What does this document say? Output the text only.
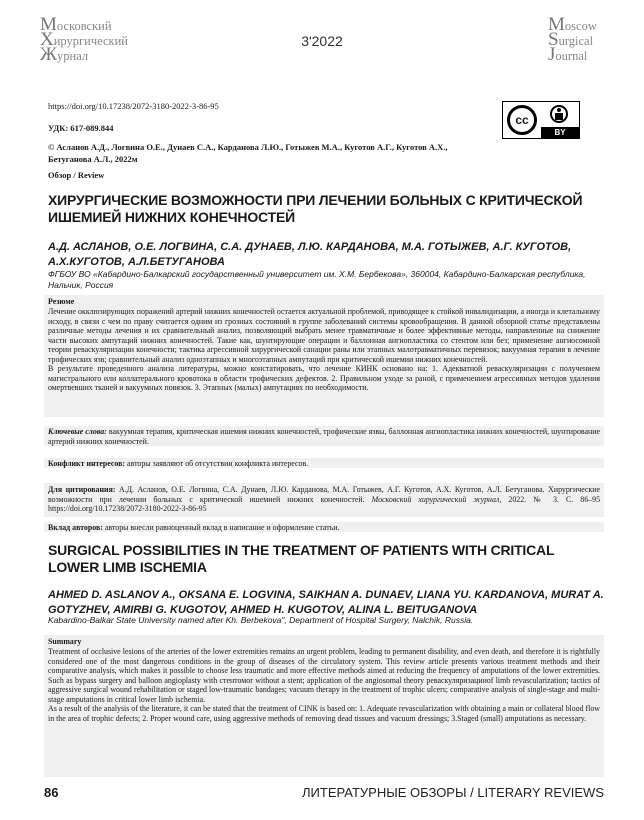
Московский
Хирургический
Журнал
3'2022
Moscow
Surgical
Journal
https://doi.org/10.17238/2072-3180-2022-3-86-95
cc
BY
УДК: 617-089.844
© Асланов А.Д., Логвина О.Е., Дунаев С.А., Карданова Л.Ю., Готыжев М.А., Куготов А.Г., Куготов А.Х., Бетуганова А.Л., 2022м
Обзор / Review
ХИРУРГИЧЕСКИЕ ВОЗМОЖНОСТИ ПРИ ЛЕЧЕНИИ БОЛЬНЫХ С КРИТИЧЕСКОЙ ИШЕМИЕЙ НИЖНИХ КОНЕЧНОСТЕЙ
А.Д. АСЛАНОВ, О.Е. ЛОГВИНА, С.А. ДУНАЕВ, Л.Ю. КАРДАНОВА, М.А. ГОТЫЖЕВ, А.Г. КУГОТОВ, А.Х.КУГОТОВ, А.Л.БЕТУГАНОВА
ФГБОУ ВО «Кабардино-Балкарский государственный университет им. Х.М. Бербекова», 360004, Кабардино-Балкарская республика, Нальчик, Россия
Резюме
Лечение окклюзирующих поражений артерий нижних конечностей остается актуальной проблемой, приводящее к стойкой инвалидизации, а иногда и клетальному исходу, в связи с чем по праву считается одним из грозных состояний в группе заболеваний системы кровообращения. В данной обзорной статье представлены различные методы лечения и их сравнительный анализ, позволяющий выбрать менее травматичные и более эффективные методы, направленные на снижение части высоких ампутаций нижних конечностей. Такие как, шунтирующие операции и баллонная ангиопластика со стентом или без; применение ангиосомной теории реваскуляризации конечности; тактика агрессивной хирургической санации раны или этапных малотравматичных перевязок; вакуумная терапия в лечение трофических язв; сравнительный анализ одноэтапных и многоэтапных ампутаций при критической ишемии нижних конечностей.
В результате проведенного анализа литературы, можно констатировать, что лечение КИНК основано на: 1. Адекватной реваскуляризации с получением магистрального или коллатерального кровотока в области трофических дефектов. 2. Правильном уходе за раной, с применением агрессивных методов удаления омертвевших тканей и вакуумных повязок. 3. Этапных (малых) ампутациях по необходимости.
Ключевые слова: вакуумная терапия, критическая ишемия нижних конечностей, трофические язвы, баллонная ангиопластика нижних конечностей, шунтирование артерий нижних конечностей.
Конфликт интересов: авторы заявляют об отсутствии конфликта интересов.
Для цитирования: А.Д. Асланов, О.Е. Логвина, С.А. Дунаев, Л.Ю. Карданова, М.А. Готыжев, А.Г. Куготов, А.Х. Куготов, А.Л. Бетуганова. Хирургические возможности при лечении больных с критической ишемией нижних конечностей. Московский хирургический журнал, 2022. № 3. С. 86–95 https://doi.org/10.17238/2072-3180-2022-3-86-95
Вклад авторов: авторы внесли равноценный вклад в написание и оформление статьи.
SURGICAL POSSIBILITIES IN THE TREATMENT OF PATIENTS WITH CRITICAL LOWER LIMB ISCHEMIA
AHMED D. ASLANOV A., OKSANA E. LOGVINA, SAIKHAN A. DUNAEV, LIANA YU. KARDANOVA, MURAT A. GOTYZHEV, AMIRBI G. KUGOTOV, AHMED H. KUGOTOV, ALINA L. BEITUGANOVA
Kabardino-Balkar State University named after Kh. Berbekova", Department of Hospital Surgery, Nalchik, Russia.
Summary
Treatment of occlusive lesions of the arteries of the lower extremities remains an urgent problem, leading to permanent disability, and even death, and therefore it is rightfully considered one of the most dangerous conditions in the group of diseases of the circulatory system. This review article presents various treatment methods and their comparative analysis, which makes it possible to choose less traumatic and more effective methods aimed at reducing the frequency of amputations of the lower extremities. Such as bypass surgery and balloon angioplasty with стентомor without a stent; application of the angiosomal theory реваскуляризацииof limb revascularization; tactics of aggressive surgical wound rehabilitation or staged low-traumatic bandages; vacuum therapy in the treatment of trophic ulcers; comparative analysis of single-stage and multi-stage amputations in critical lower limb ischemia.
As a result of the analysis of the literature, it can be stated that the treatment of CINK is based on: 1. Adequate revascularization with obtaining a main or collateral blood flow in the area of trophic defects; 2. Proper wound care, using aggressive methods of removing dead tissues and vacuum dressings; 3.Staged (small) amputations as necessary.
86	ЛИТЕРАТУРНЫЕ ОБЗОРЫ / LITERARY REVIEWS
